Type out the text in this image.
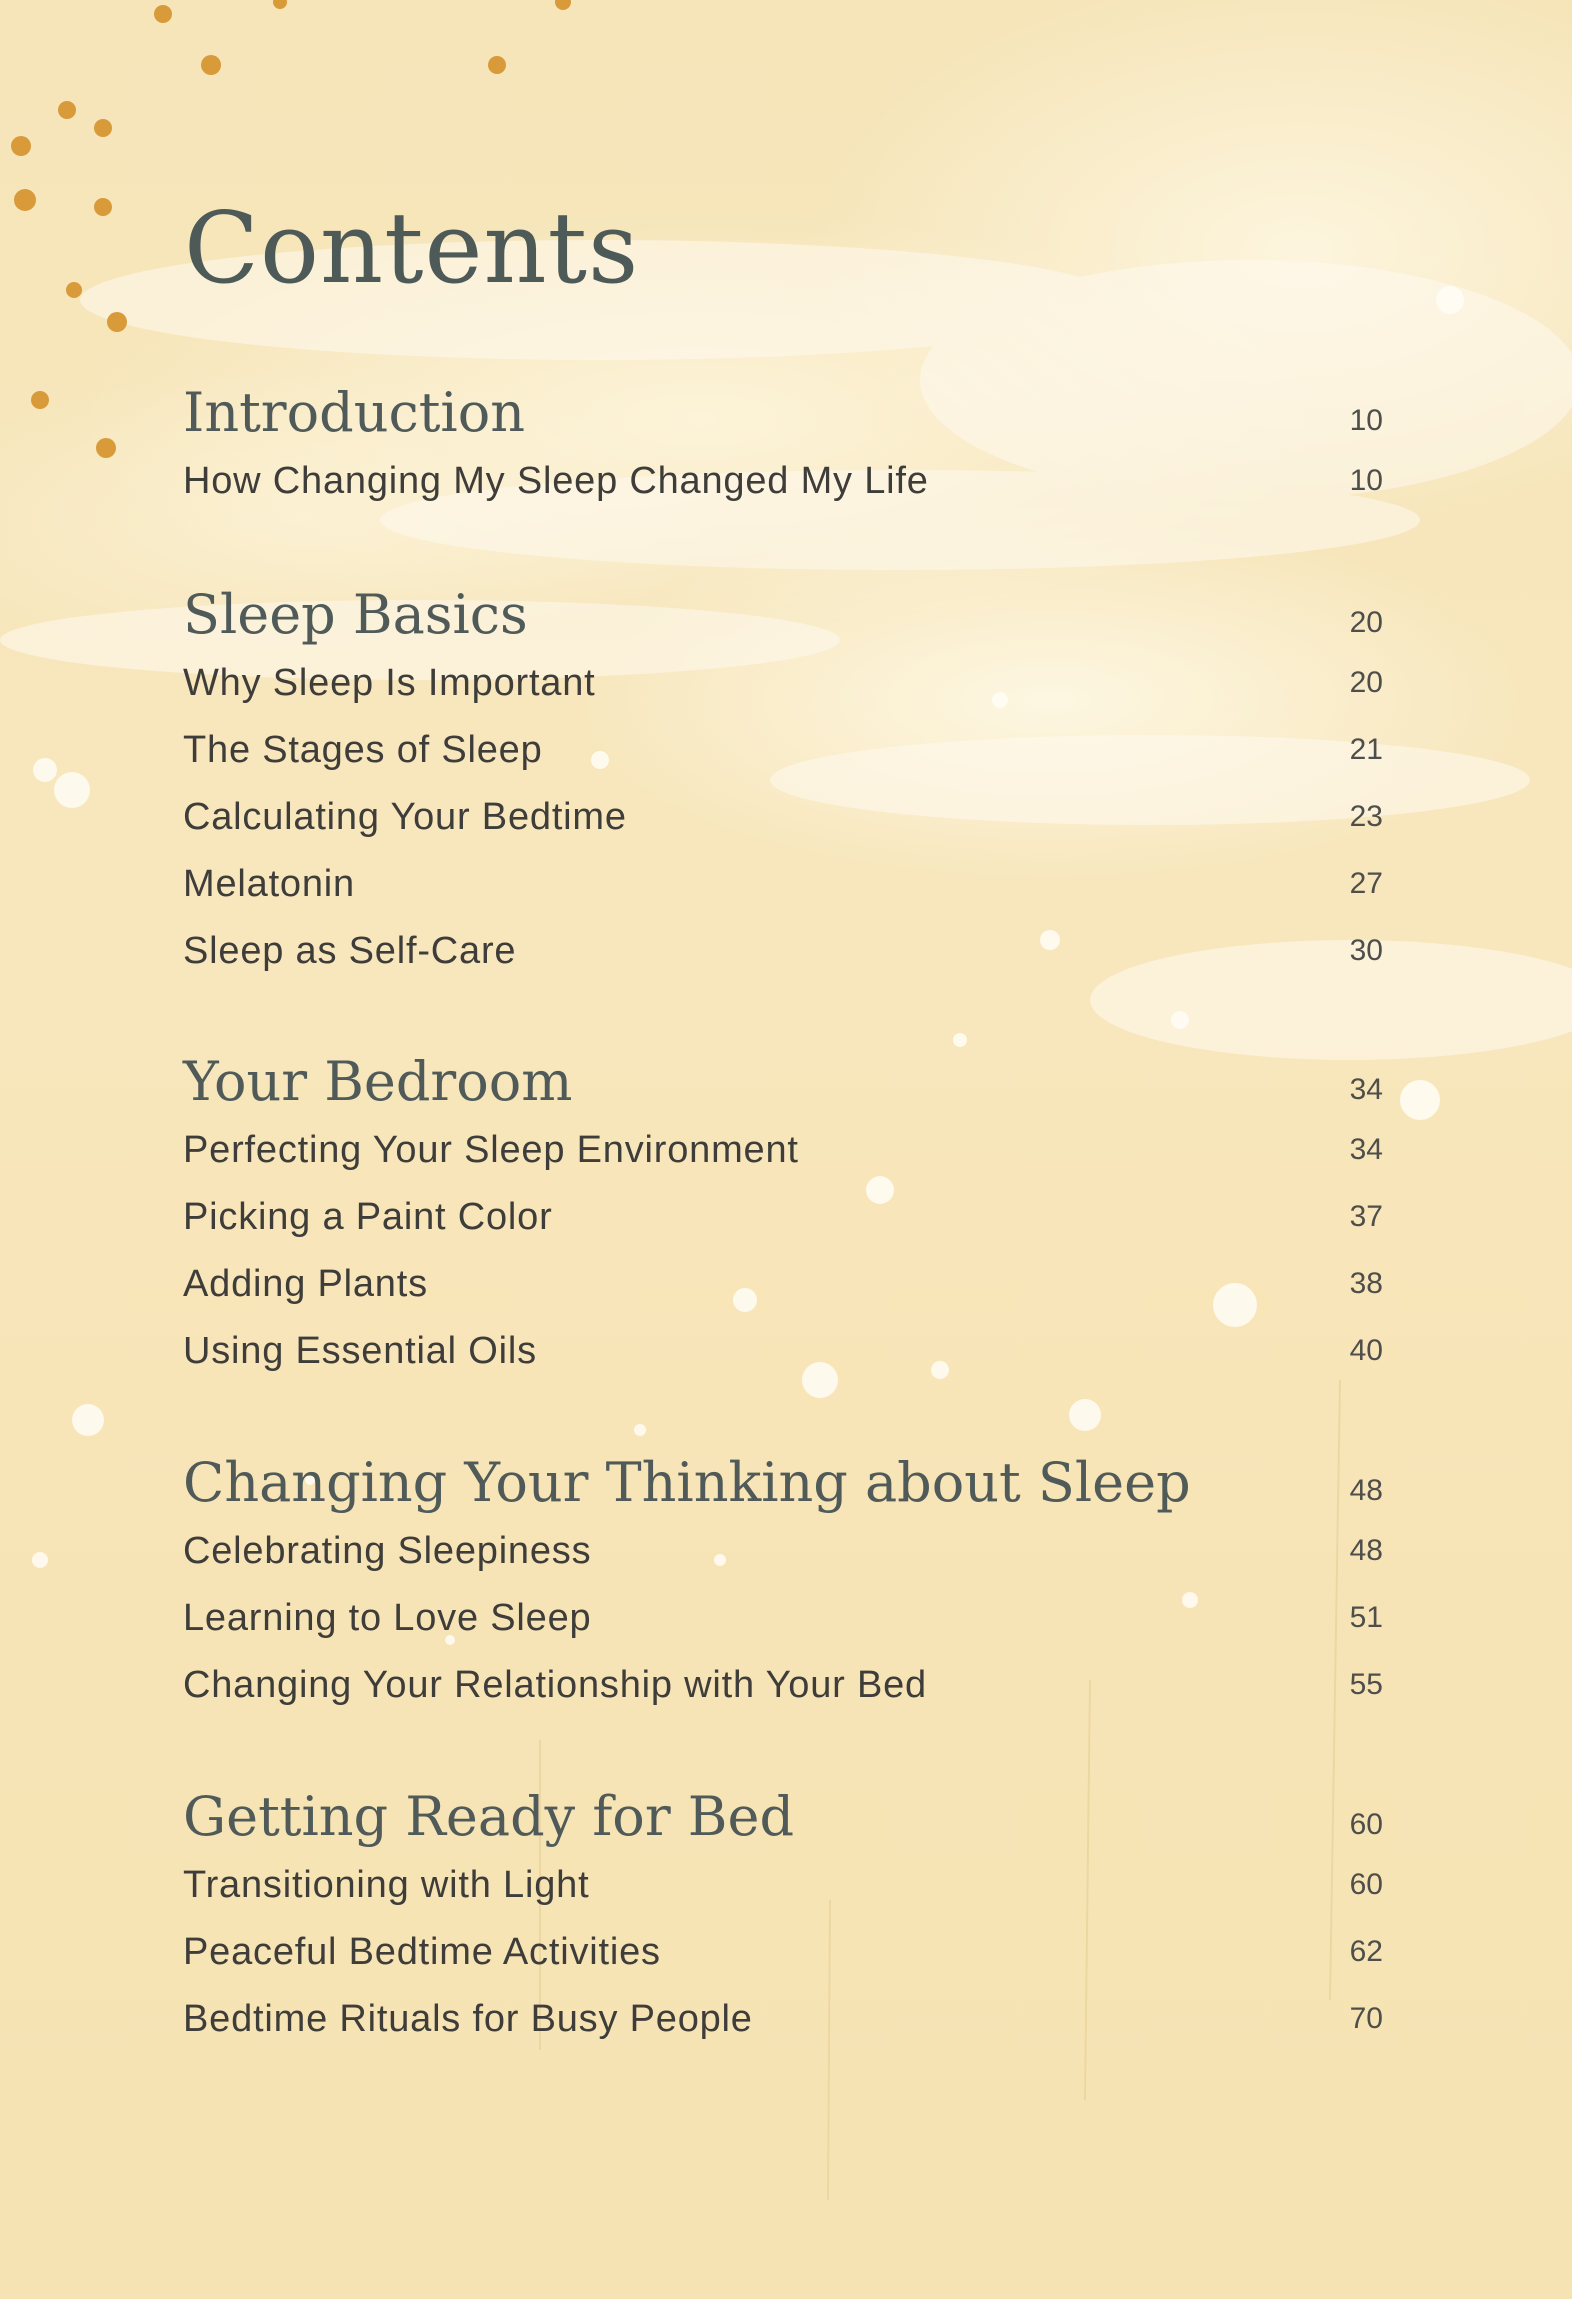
Contents
Introduction	10
How Changing My Sleep Changed My Life	10
Sleep Basics	20
Why Sleep Is Important	20
The Stages of Sleep	21
Calculating Your Bedtime	23
Melatonin	27
Sleep as Self-Care	30
Your Bedroom	34
Perfecting Your Sleep Environment	34
Picking a Paint Color	37
Adding Plants	38
Using Essential Oils	40
Changing Your Thinking about Sleep	48
Celebrating Sleepiness	48
Learning to Love Sleep	51
Changing Your Relationship with Your Bed	55
Getting Ready for Bed	60
Transitioning with Light	60
Peaceful Bedtime Activities	62
Bedtime Rituals for Busy People	70
